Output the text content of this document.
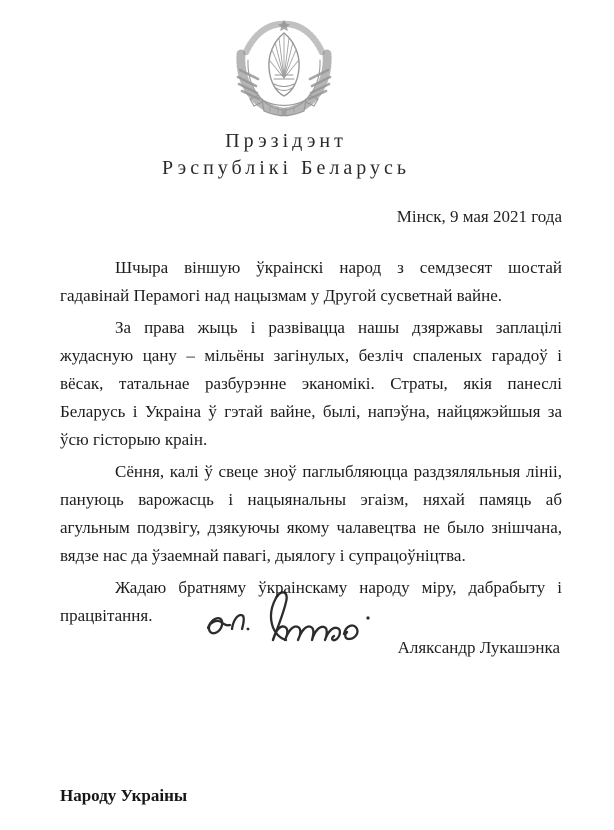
Прэзідэнт
Рэспублікі Беларусь
Мінск, 9 мая 2021 года

Шчыра віншую ўкраінскі народ з семдзесят шостай гадавінай Перамогі над нацызмам у Другой сусветнай вайне.

За права жыць і развівацца нашы дзяржавы заплацілі жудасную цану – мільёны загінулых, безліч спаленых гарадоў і вёсак, татальнае разбурэнне эканомікі. Страты, якія панеслі Беларусь і Украіна ў гэтай вайне, былі, напэўна, найцяжэйшыя за ўсю гісторыю краін.

Сёння, калі ў свеце зноў паглыбляюцца раздзяляльныя лініі, пануюць варожасць і нацыянальны эгаізм, няхай памяць аб агульным подзвігу, дзякуючы якому чалавецтва не было знішчана, вядзе нас да ўзаемнай павагі, дыялогу і супрацоўніцтва.

Жадаю братняму ўкраінскаму народу міру, дабрабыту і працвітання.

Аляксандр Лукашэнка
Народу Украіны
